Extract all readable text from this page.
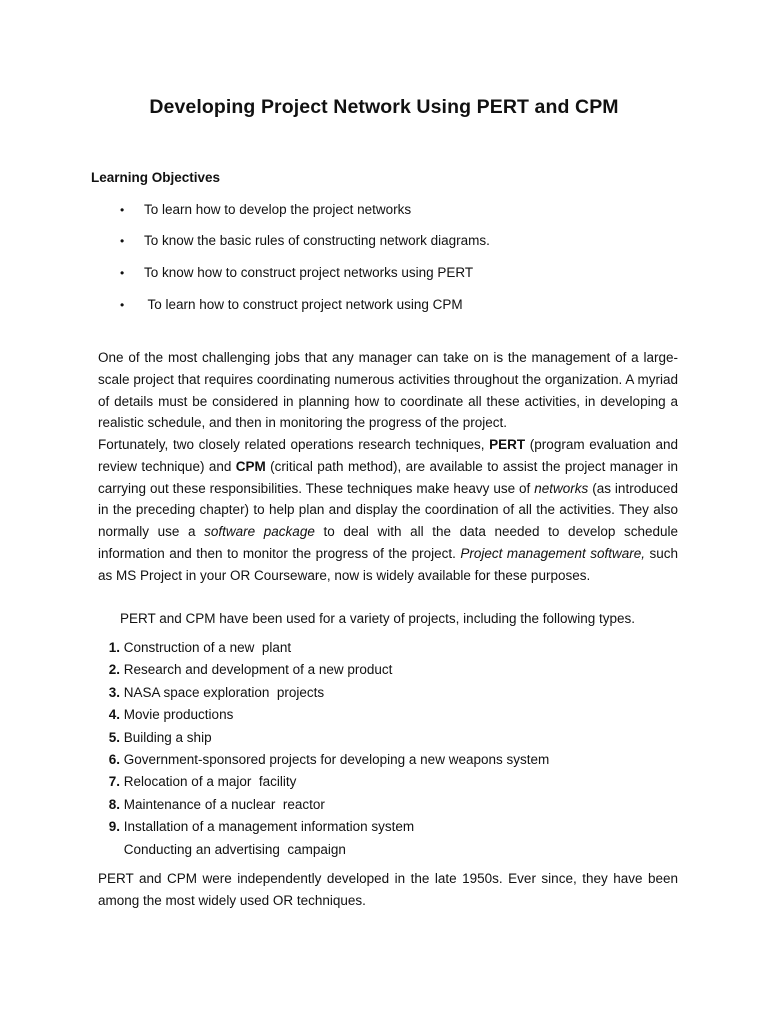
Developing Project Network Using PERT and CPM
Learning Objectives
• To learn how to develop the project networks
• To know the basic rules of constructing network diagrams.
• To know how to construct project networks using PERT
• To learn how to construct project network using CPM
One of the most challenging jobs that any manager can take on is the management of a large-scale project that requires coordinating numerous activities throughout the organization. A myriad of details must be considered in planning how to coordinate all these activities, in developing a realistic schedule, and then in monitoring the progress of the project.
Fortunately, two closely related operations research techniques, PERT (program evaluation and review technique) and CPM (critical path method), are available to assist the project manager in carrying out these responsibilities. These techniques make heavy use of networks (as introduced in the preceding chapter) to help plan and display the coordination of all the activities. They also normally use a software package to deal with all the data needed to develop schedule information and then to monitor the progress of the project. Project management software, such as MS Project in your OR Courseware, now is widely available for these purposes.
PERT and CPM have been used for a variety of projects, including the following types.
1. Construction of a new  plant
2. Research and development of a new product
3. NASA space exploration  projects
4. Movie productions
5. Building a ship
6. Government-sponsored projects for developing a new weapons system
7. Relocation of a major  facility
8. Maintenance of a nuclear  reactor
9. Installation of a management information system
Conducting an advertising  campaign
PERT and CPM were independently developed in the late 1950s. Ever since, they have been among the most widely used OR techniques.
